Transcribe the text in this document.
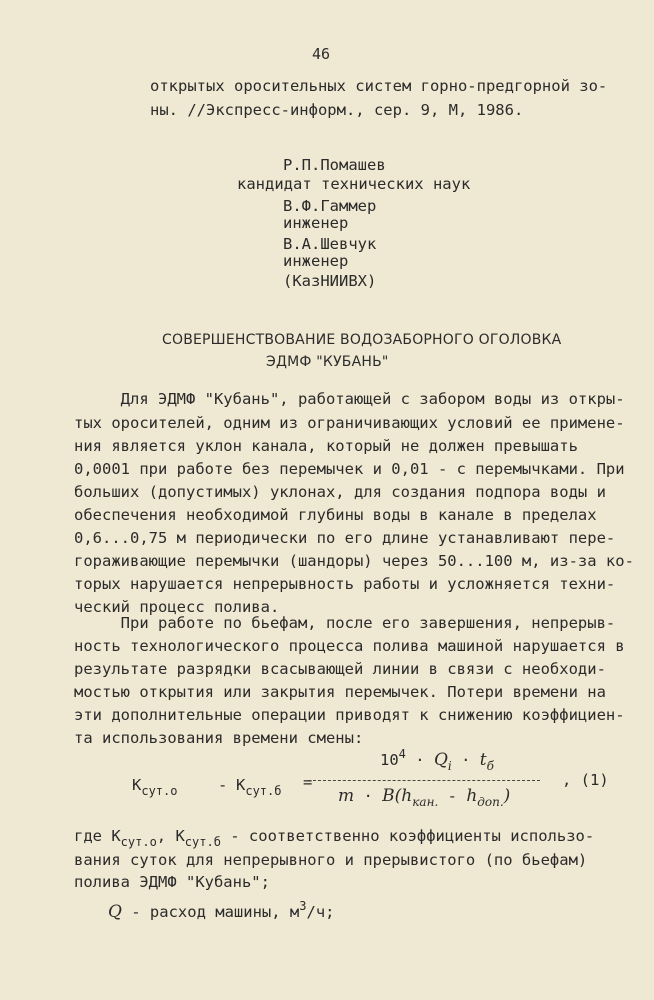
46
открытых оросительных систем горно-предгорной зо-
ны. //Экспресс-информ., сер. 9, М, 1986.
Р.П.Помашев
кандидат технических наук
В.Ф.Гаммер
инженер
В.А.Шевчук
инженер
(КазНИИВХ)
СОВЕРШЕНСТВОВАНИЕ ВОДОЗАБОРНОГО ОГОЛОВКА
ЭДМФ "КУБАНЬ"
Для ЭДМФ "Кубань", работающей с забором воды из откры-
тых оросителей, одним из ограничивающих условий ее примене-
ния является уклон канала, который не должен превышать
0,0001 при работе без перемычек и 0,01 - с перемычками. При
больших (допустимых) уклонах, для создания подпора воды и
обеспечения необходимой глубины воды в канале в пределах
0,6...0,75 м периодически по его длине устанавливают пере-
гораживающие перемычки (шандоры) через 50...100 м, из-за ко-
торых нарушается непрерывность работы и усложняется техни-
ческий процесс полива.
При работе по бьефам, после его завершения, непрерыв-
ность технологического процесса полива машиной нарушается в
результате разрядки всасывающей линии в связи с необходи-
мостью открытия или закрытия перемычек. Потери времени на
эти дополнительные операции приводят к снижению коэффициен-
та использования времени смены:
$К_{сут.о}$	- $К_{сут.б}$ =
$10^4 \cdot Q_i \cdot t_б$
$m \cdot B(h_{кан.} - h_{доп.})$
, (1)
где $К_{сут.о}$, $К_{сут.б}$ - соответственно коэффициенты использо-
вания суток для непрерывного и прерывистого (по бьефам)
полива ЭДМФ "Кубань";
Q - расход машины, $м^3/ч$;
